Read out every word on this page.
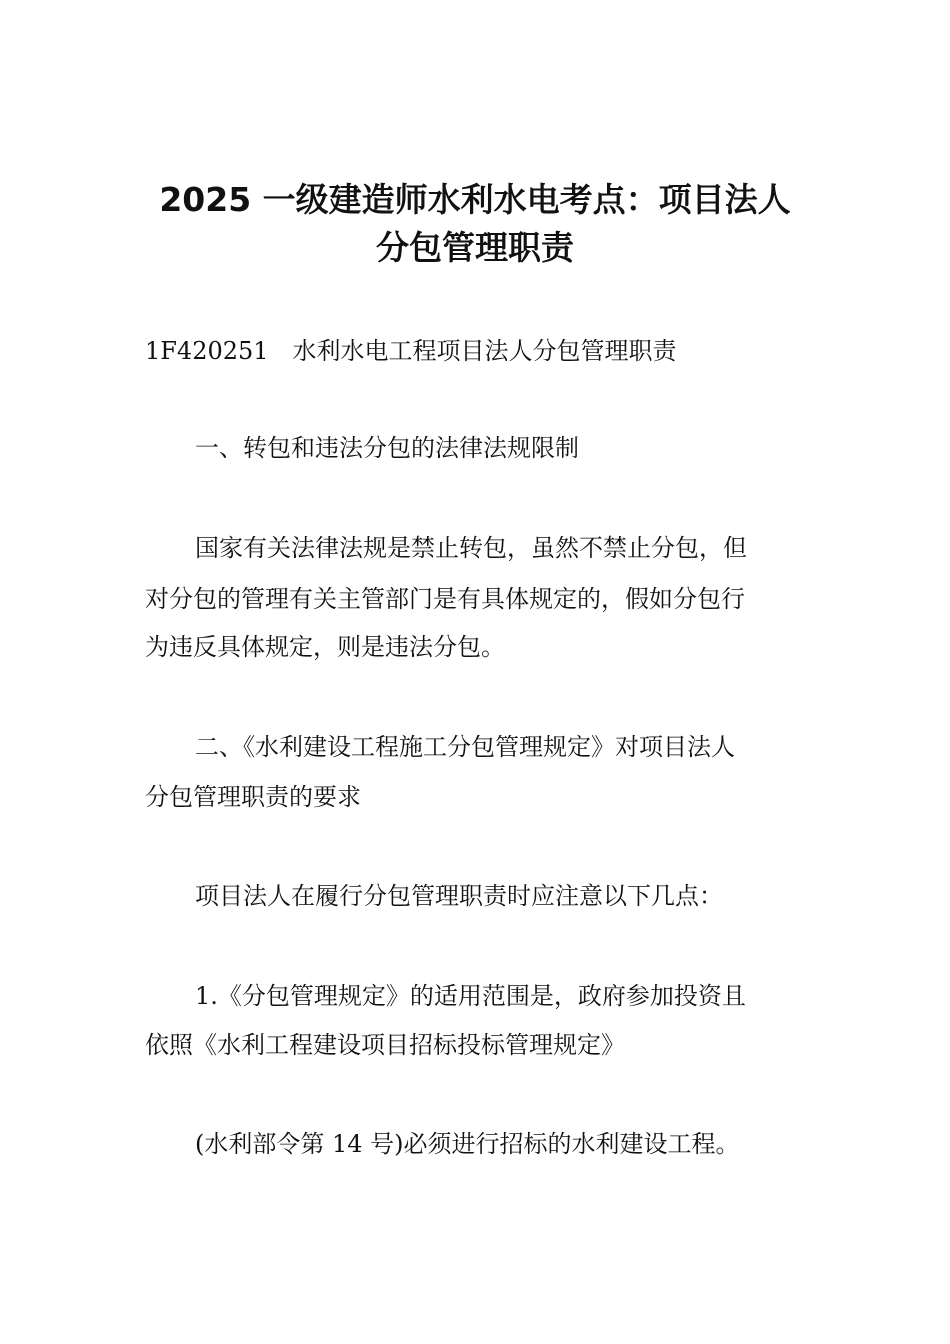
2025 一级建造师水利水电考点：项目法人
分包管理职责

1F420251　水利水电工程项目法人分包管理职责

一、转包和违法分包的法律法规限制

国家有关法律法规是禁止转包，虽然不禁止分包，但

对分包的管理有关主管部门是有具体规定的，假如分包行

为违反具体规定，则是违法分包。

二、《水利建设工程施工分包管理规定》对项目法人

分包管理职责的要求

项目法人在履行分包管理职责时应注意以下几点：

1.《分包管理规定》的适用范围是，政府参加投资且

依照《水利工程建设项目招标投标管理规定》

(水利部令第 14 号)必须进行招标的水利建设工程。
